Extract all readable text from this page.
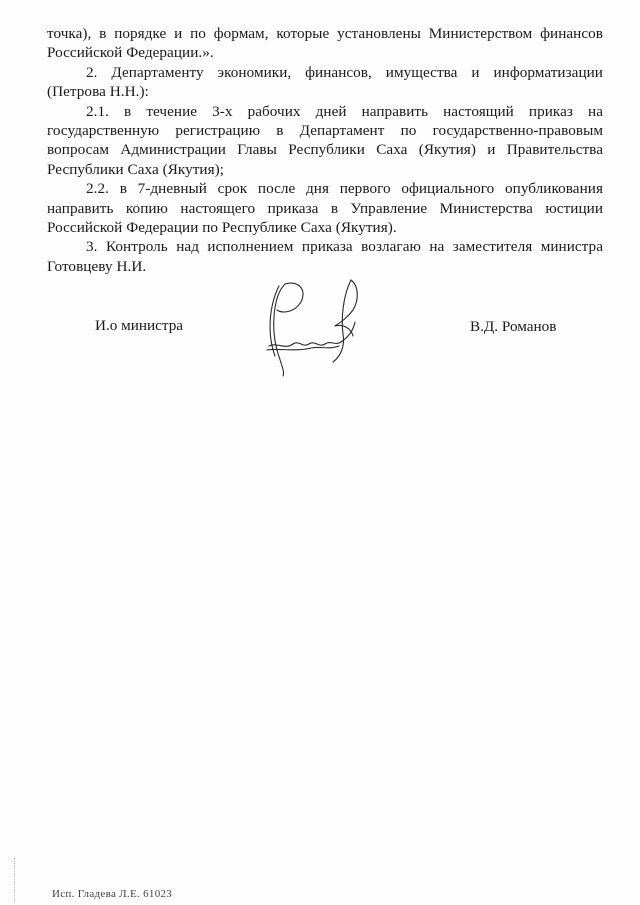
точка), в порядке и по формам, которые установлены Министерством финансов Российской Федерации.».

2. Департаменту экономики, финансов, имущества и информатизации (Петрова Н.Н.):

2.1. в течение 3-х рабочих дней направить настоящий приказ на государственную регистрацию в Департамент по государственно-правовым вопросам Администрации Главы Республики Саха (Якутия) и Правительства Республики Саха (Якутия);

2.2. в 7-дневный срок после дня первого официального опубликования направить копию настоящего приказа в Управление Министерства юстиции Российской Федерации по Республике Саха (Якутия).

3. Контроль над исполнением приказа возлагаю на заместителя министра Готовцеву Н.И.

И.о министра	В.Д. Романов
Исп. Гладева Л.Е. 61023
